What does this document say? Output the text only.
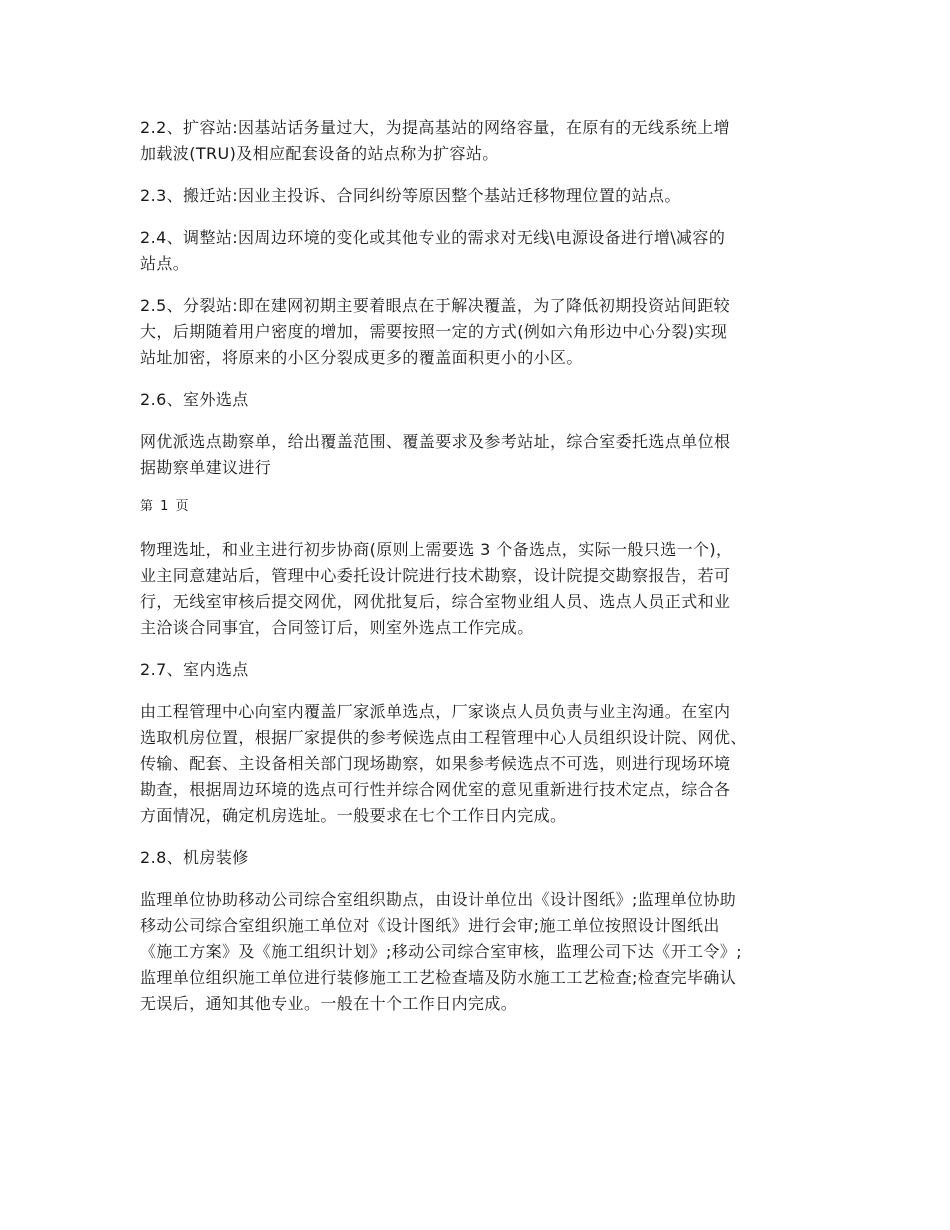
2.2、扩容站:因基站话务量过大，为提高基站的网络容量，在原有的无线系统上增
加载波(TRU)及相应配套设备的站点称为扩容站。

2.3、搬迁站:因业主投诉、合同纠纷等原因整个基站迁移物理位置的站点。

2.4、调整站:因周边环境的变化或其他专业的需求对无线\电源设备进行增\减容的
站点。

2.5、分裂站:即在建网初期主要着眼点在于解决覆盖，为了降低初期投资站间距较
大，后期随着用户密度的增加，需要按照一定的方式(例如六角形边中心分裂)实现
站址加密，将原来的小区分裂成更多的覆盖面积更小的小区。

2.6、室外选点

网优派选点勘察单，给出覆盖范围、覆盖要求及参考站址，综合室委托选点单位根
据勘察单建议进行

第 1 页

物理选址，和业主进行初步协商(原则上需要选 3 个备选点，实际一般只选一个)，
业主同意建站后，管理中心委托设计院进行技术勘察，设计院提交勘察报告，若可
行，无线室审核后提交网优，网优批复后，综合室物业组人员、选点人员正式和业
主洽谈合同事宜，合同签订后，则室外选点工作完成。

2.7、室内选点

由工程管理中心向室内覆盖厂家派单选点，厂家谈点人员负责与业主沟通。在室内
选取机房位置，根据厂家提供的参考候选点由工程管理中心人员组织设计院、网优、
传输、配套、主设备相关部门现场勘察，如果参考候选点不可选，则进行现场环境
勘查，根据周边环境的选点可行性并综合网优室的意见重新进行技术定点，综合各
方面情况，确定机房选址。一般要求在七个工作日内完成。

2.8、机房装修

监理单位协助移动公司综合室组织勘点，由设计单位出《设计图纸》;监理单位协助
移动公司综合室组织施工单位对《设计图纸》进行会审;施工单位按照设计图纸出
《施工方案》及《施工组织计划》;移动公司综合室审核，监理公司下达《开工令》;
监理单位组织施工单位进行装修施工工艺检查墙及防水施工工艺检查;检查完毕确认
无误后，通知其他专业。一般在十个工作日内完成。
